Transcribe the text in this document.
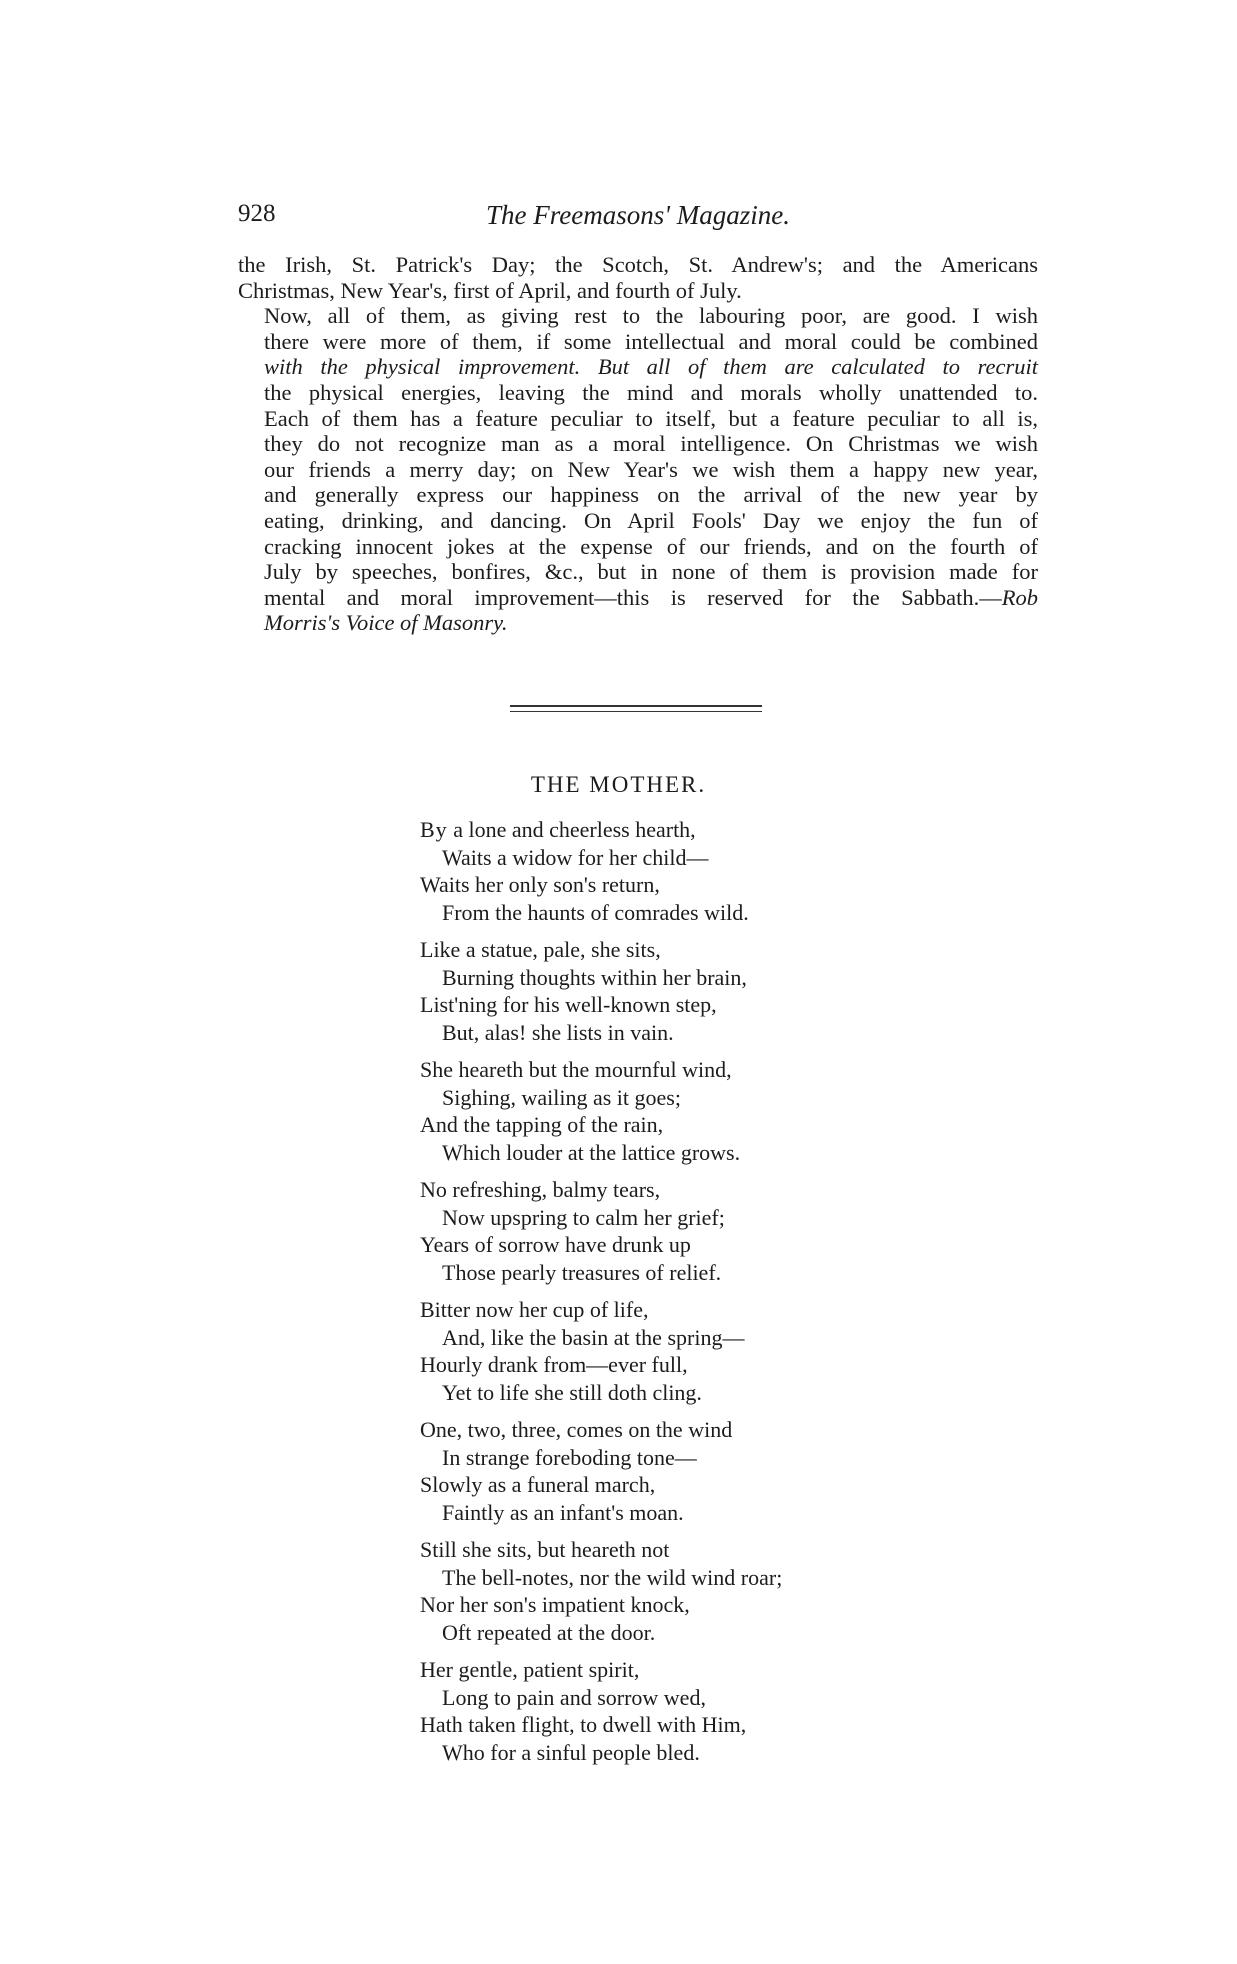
928	The Freemasons' Magazine.

the Irish, St. Patrick's Day; the Scotch, St. Andrew's; and the Americans
Christmas, New Year's, first of April, and fourth of July.

Now, all of them, as giving rest to the labouring poor, are good. I wish
there were more of them, if some intellectual and moral could be combined
with the physical improvement. But all of them are calculated to recruit
the physical energies, leaving the mind and morals wholly unattended to.
Each of them has a feature peculiar to itself, but a feature peculiar to all is,
they do not recognize man as a moral intelligence. On Christmas we wish
our friends a merry day; on New Year's we wish them a happy new year,
and generally express our happiness on the arrival of the new year by
eating, drinking, and dancing. On April Fools' Day we enjoy the fun of
cracking innocent jokes at the expense of our friends, and on the fourth of
July by speeches, bonfires, &c., but in none of them is provision made for
mental and moral improvement—this is reserved for the Sabbath.—Rob
Morris's Voice of Masonry.

THE MOTHER.
By a lone and cheerless hearth,
Waits a widow for her child—
Waits her only son's return,
From the haunts of comrades wild.
Like a statue, pale, she sits,
Burning thoughts within her brain,
List'ning for his well-known step,
But, alas! she lists in vain.
She heareth but the mournful wind,
Sighing, wailing as it goes;
And the tapping of the rain,
Which louder at the lattice grows.
No refreshing, balmy tears,
Now upspring to calm her grief;
Years of sorrow have drunk up
Those pearly treasures of relief.
Bitter now her cup of life,
And, like the basin at the spring—
Hourly drank from—ever full,
Yet to life she still doth cling.
One, two, three, comes on the wind
In strange foreboding tone—
Slowly as a funeral march,
Faintly as an infant's moan.
Still she sits, but heareth not
The bell-notes, nor the wild wind roar;
Nor her son's impatient knock,
Oft repeated at the door.
Her gentle, patient spirit,
Long to pain and sorrow wed,
Hath taken flight, to dwell with Him,
Who for a sinful people bled.
